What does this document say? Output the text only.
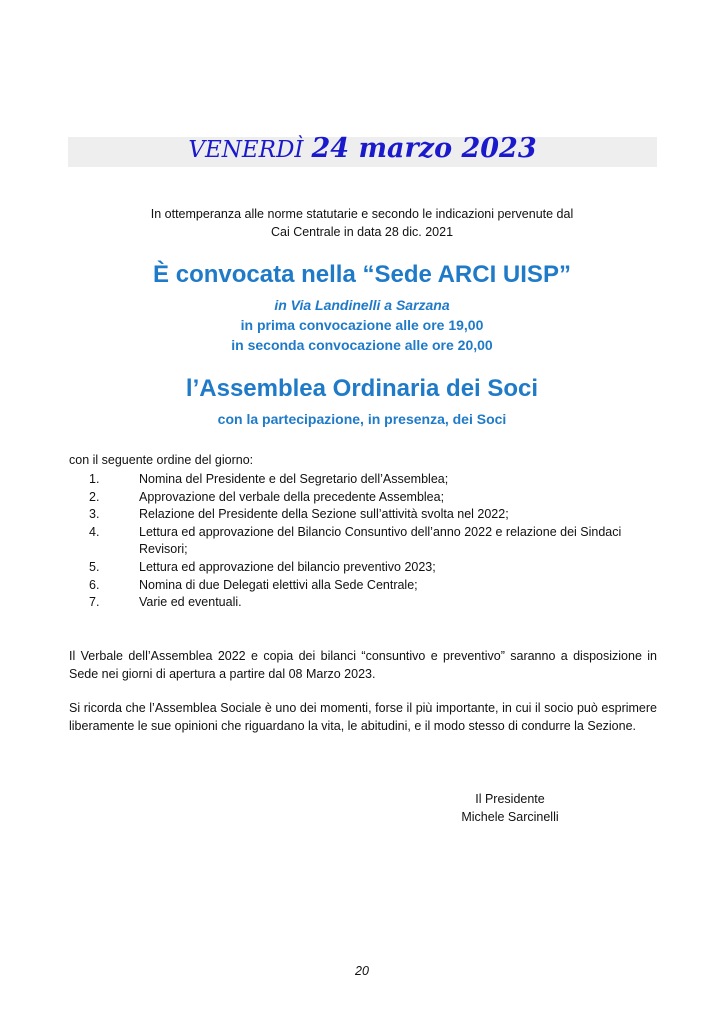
VENERDÌ 24 marzo 2023
In ottemperanza alle norme statutarie e secondo le indicazioni pervenute dal
Cai Centrale in data 28 dic. 2021
È convocata nella “Sede ARCI UISP”
in Via Landinelli a Sarzana
in prima convocazione alle ore 19,00
in seconda convocazione alle ore 20,00
l’Assemblea Ordinaria dei Soci
con la partecipazione, in presenza, dei Soci
con il seguente ordine del giorno:
1.	Nomina del Presidente e del Segretario dell’Assemblea;
2.	Approvazione del verbale della precedente Assemblea;
3.	Relazione del Presidente della Sezione sull’attività svolta nel 2022;
4.	Lettura ed approvazione del Bilancio Consuntivo dell’anno 2022 e relazione dei Sindaci Revisori;
5.	Lettura ed approvazione del bilancio preventivo 2023;
6.	Nomina di due Delegati elettivi alla Sede Centrale;
7.	Varie ed eventuali.
Il Verbale dell’Assemblea 2022 e copia dei bilanci “consuntivo e preventivo” saranno a disposizione in Sede nei giorni di apertura a partire dal 08 Marzo 2023.
Si ricorda che l’Assemblea Sociale è uno dei momenti, forse il più importante, in cui il socio può esprimere liberamente le sue opinioni che riguardano la vita, le abitudini, e il modo stesso di condurre la Sezione.
Il Presidente
Michele Sarcinelli
20
